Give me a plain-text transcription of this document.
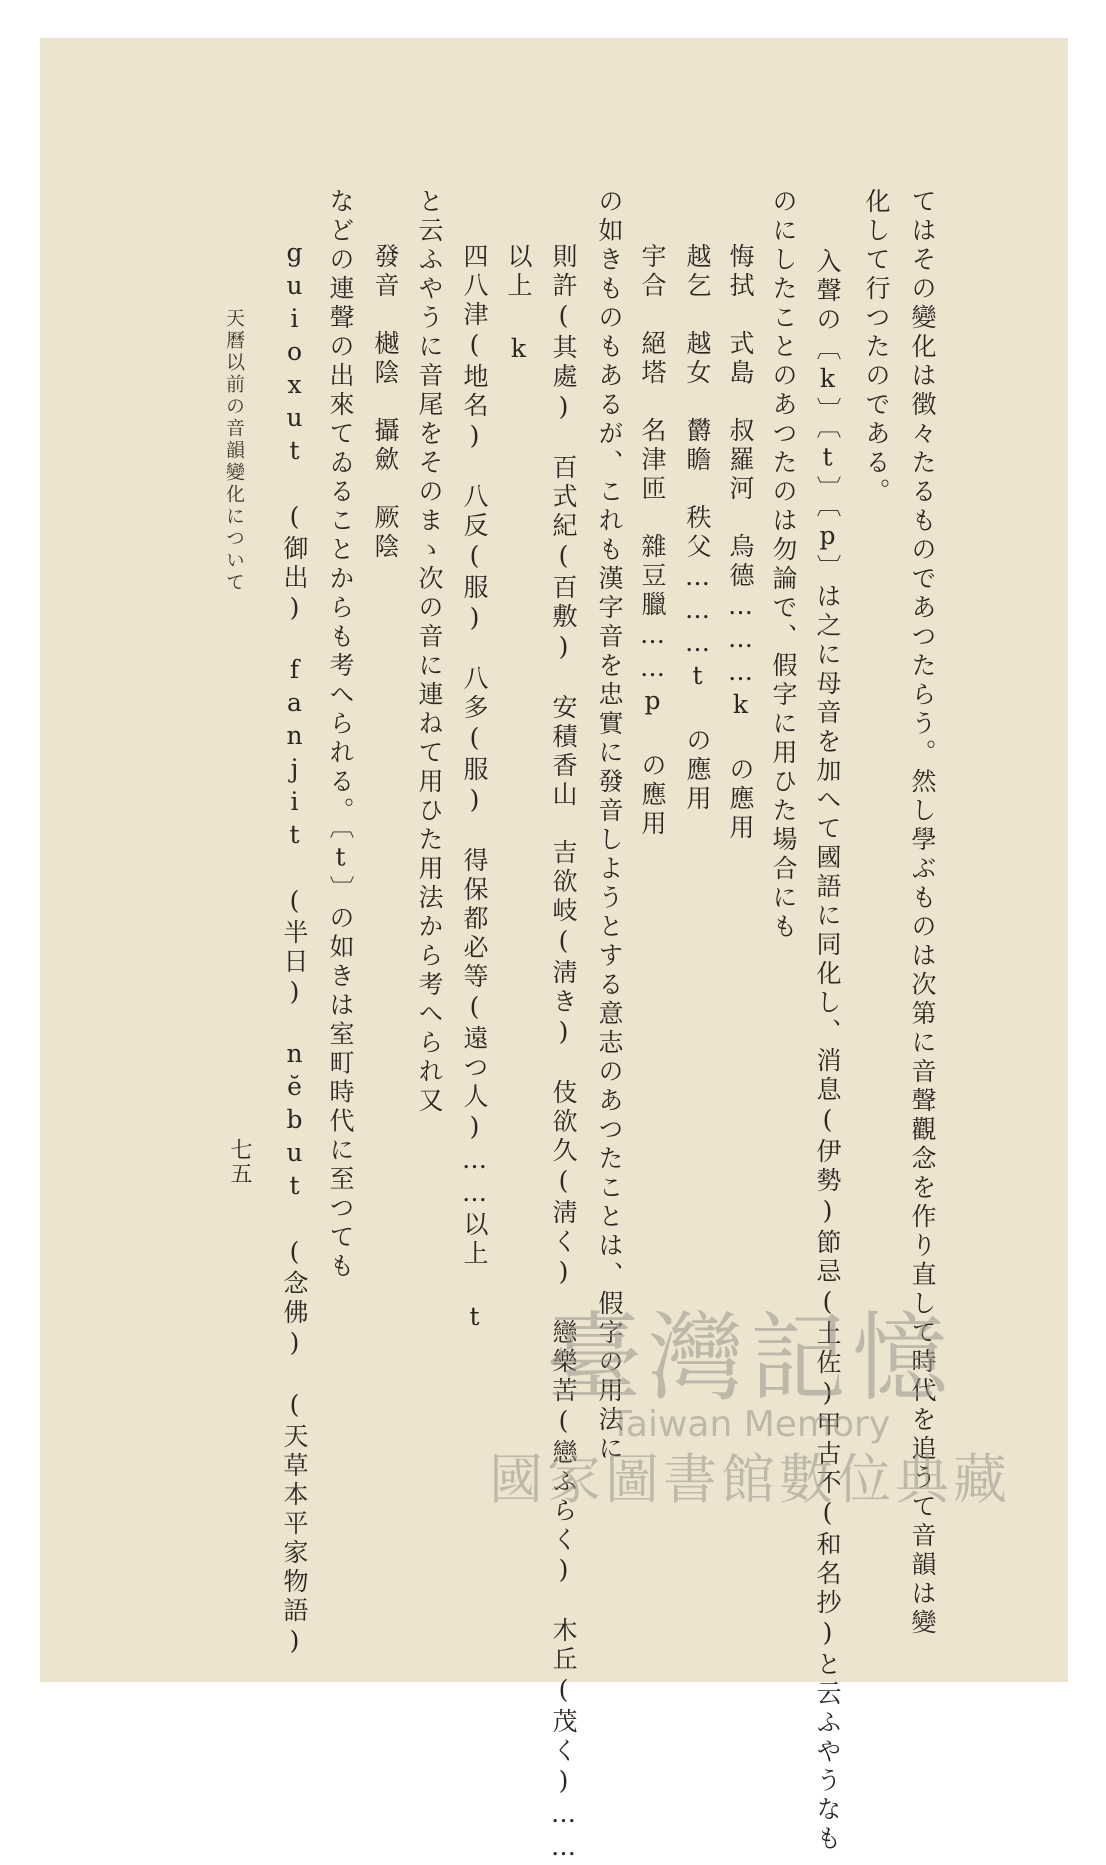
てはその變化は徴々たるものであつたらう。然し學ぶものは次第に音聲觀念を作り直して時代を追うて音韻は變
化して行つたのである。
入聲の〔k〕〔t〕〔p〕は之に母音を加へて國語に同化し、消息(伊勢)節忌(土佐)甲古不(和名抄)と云ふやうなも
のにしたことのあつたのは勿論で、假字に用ひた場合にも
悔拭　式島　叔羅河　烏德………k の應用
越乞　越女　欝瞻　秩父………t の應用
宇合　絕塔　名津匝　雜豆臘……p の應用
の如きものもあるが、これも漢字音を忠實に發音しようとする意志のあつたことは、假字の用法に
則許(其處)　百式紀(百敷)　安積香山　吉欲岐(淸き)　伎欲久(淸く)　戀樂苦(戀ふらく)　木丘(茂く)……
以上 k
四八津(地名)　八反(服)　八多(服)　得保都必等(遠つ人)……以上 t
と云ふやうに音尾をそのまゝ次の音に連ねて用ひた用法から考へられ又
發音　樾陰　攝歛　厥陰
などの連聲の出來てゐることからも考へられる。〔t〕の如きは室町時代に至つても
guioxut (御出)　fanjit (半日)　nĕbut (念佛)　(天草本平家物語)
天曆以前の音韻變化について
七五
臺灣記憶
Taiwan Memory
國家圖書館數位典藏
